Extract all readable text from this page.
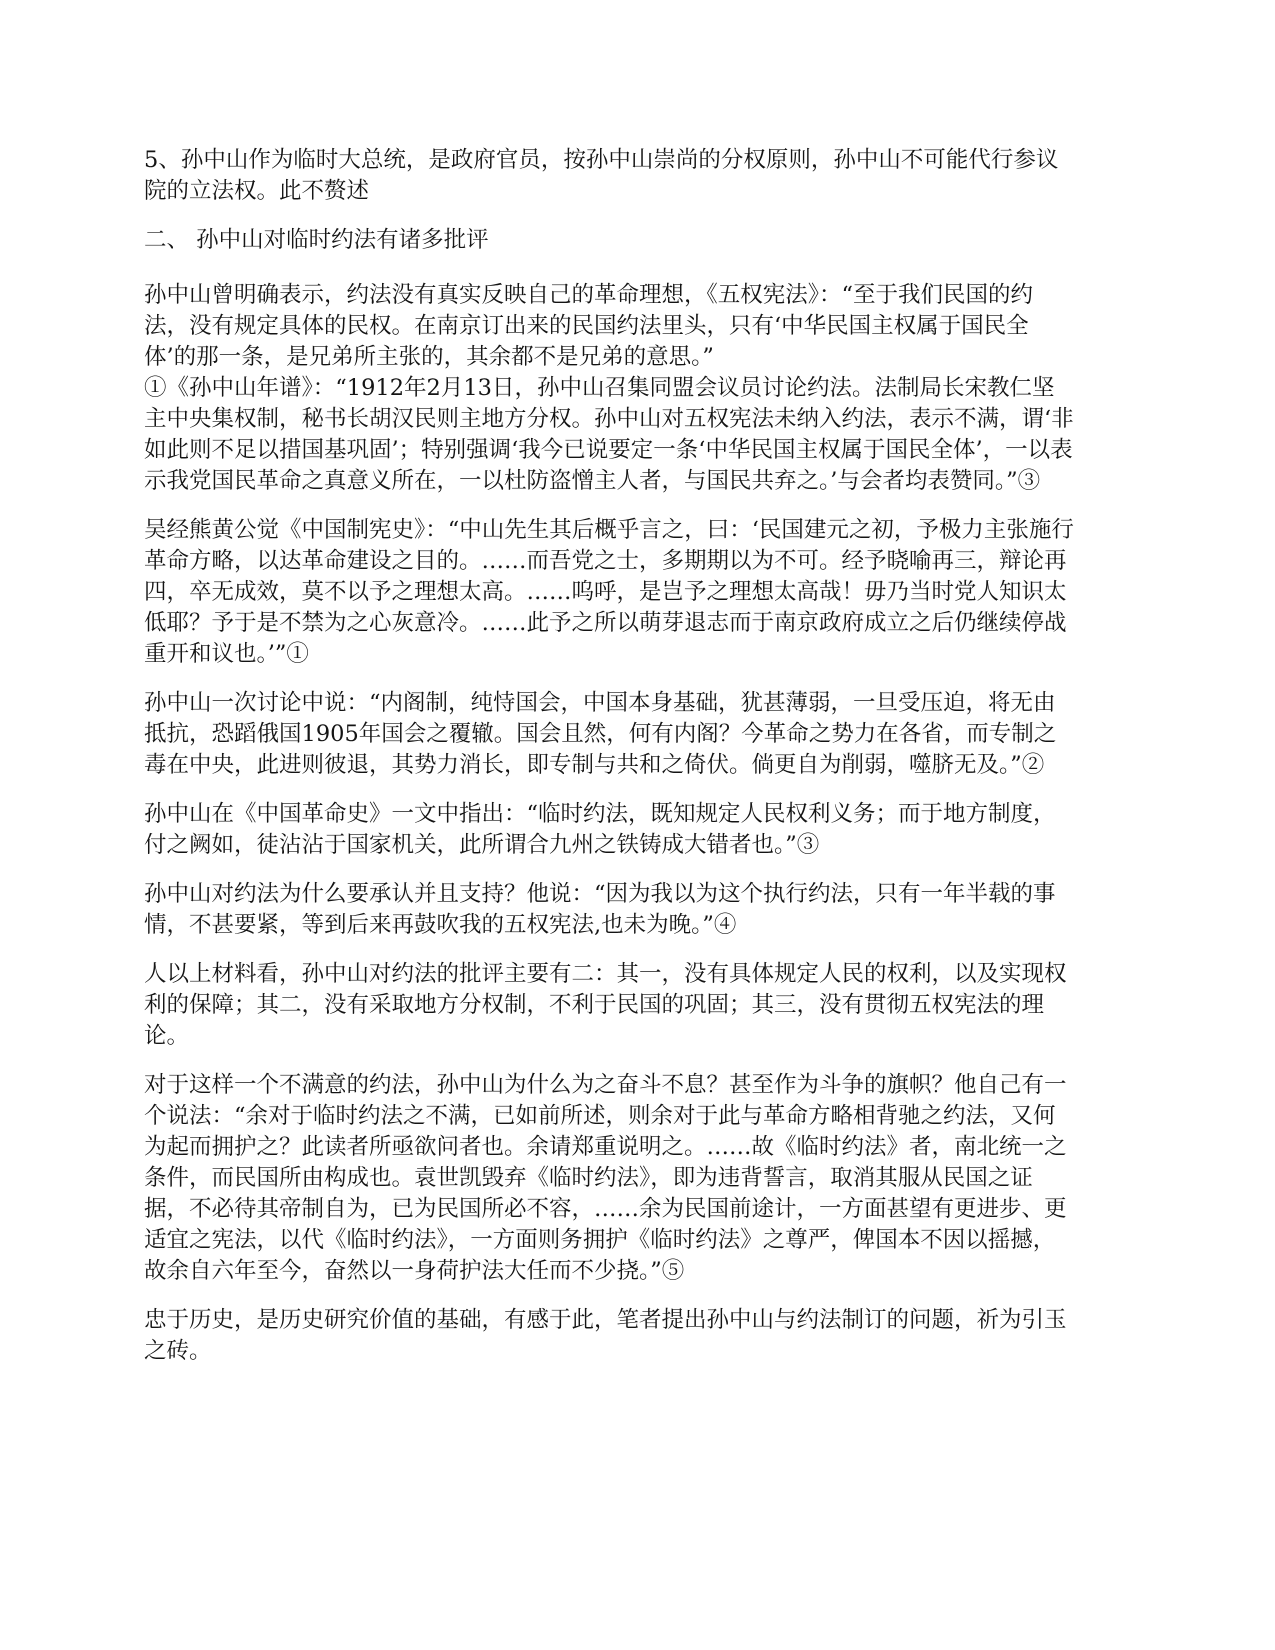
5、孙中山作为临时大总统，是政府官员，按孙中山崇尚的分权原则，孙中山不可能代行参议院的立法权。此不赘述

二、 孙中山对临时约法有诸多批评

孙中山曾明确表示，约法没有真实反映自己的革命理想，《五权宪法》：“至于我们民国的约法，没有规定具体的民权。在南京订出来的民国约法里头，只有‘中华民国主权属于国民全体’的那一条，是兄弟所主张的，其余都不是兄弟的意思。”

①《孙中山年谱》：“1912年2月13日，孙中山召集同盟会议员讨论约法。法制局长宋教仁坚主中央集权制，秘书长胡汉民则主地方分权。孙中山对五权宪法未纳入约法，表示不满，谓‘非如此则不足以措国基巩固’；特别强调‘我今已说要定一条‘中华民国主权属于国民全体’，一以表示我党国民革命之真意义所在，一以杜防盗憎主人者，与国民共弃之。’与会者均表赞同。”③

吴经熊黄公觉《中国制宪史》：“中山先生其后概乎言之，曰：‘民国建元之初，予极力主张施行革命方略，以达革命建设之目的。……而吾党之士，多期期以为不可。经予晓喻再三，辩论再四，卒无成效，莫不以予之理想太高。……呜呼，是岂予之理想太高哉！毋乃当时党人知识太低耶？予于是不禁为之心灰意冷。……此予之所以萌芽退志而于南京政府成立之后仍继续停战重开和议也。’”①

孙中山一次讨论中说：“内阁制，纯恃国会，中国本身基础，犹甚薄弱，一旦受压迫，将无由抵抗，恐蹈俄国1905年国会之覆辙。国会且然，何有内阁？今革命之势力在各省，而专制之毒在中央，此进则彼退，其势力消长，即专制与共和之倚伏。倘更自为削弱，噬脐无及。”②

孙中山在《中国革命史》一文中指出：“临时约法，既知规定人民权利义务；而于地方制度，付之阙如，徒沾沾于国家机关，此所谓合九州之铁铸成大错者也。”③

孙中山对约法为什么要承认并且支持？他说：“因为我以为这个执行约法，只有一年半载的事情，不甚要紧，等到后来再鼓吹我的五权宪法,也未为晚。”④

人以上材料看，孙中山对约法的批评主要有二：其一，没有具体规定人民的权利，以及实现权利的保障；其二，没有采取地方分权制，不利于民国的巩固；其三，没有贯彻五权宪法的理论。

对于这样一个不满意的约法，孙中山为什么为之奋斗不息？甚至作为斗争的旗帜？他自己有一个说法：“余对于临时约法之不满，已如前所述，则余对于此与革命方略相背驰之约法，又何为起而拥护之？此读者所亟欲问者也。余请郑重说明之。……故《临时约法》者，南北统一之条件，而民国所由构成也。袁世凯毁弃《临时约法》，即为违背誓言，取消其服从民国之证据，不必待其帝制自为，已为民国所必不容，……余为民国前途计，一方面甚望有更进步、更适宜之宪法，以代《临时约法》，一方面则务拥护《临时约法》之尊严，俾国本不因以摇撼，故余自六年至今，奋然以一身荷护法大任而不少挠。”⑤

忠于历史，是历史研究价值的基础，有感于此，笔者提出孙中山与约法制订的问题，祈为引玉之砖。
